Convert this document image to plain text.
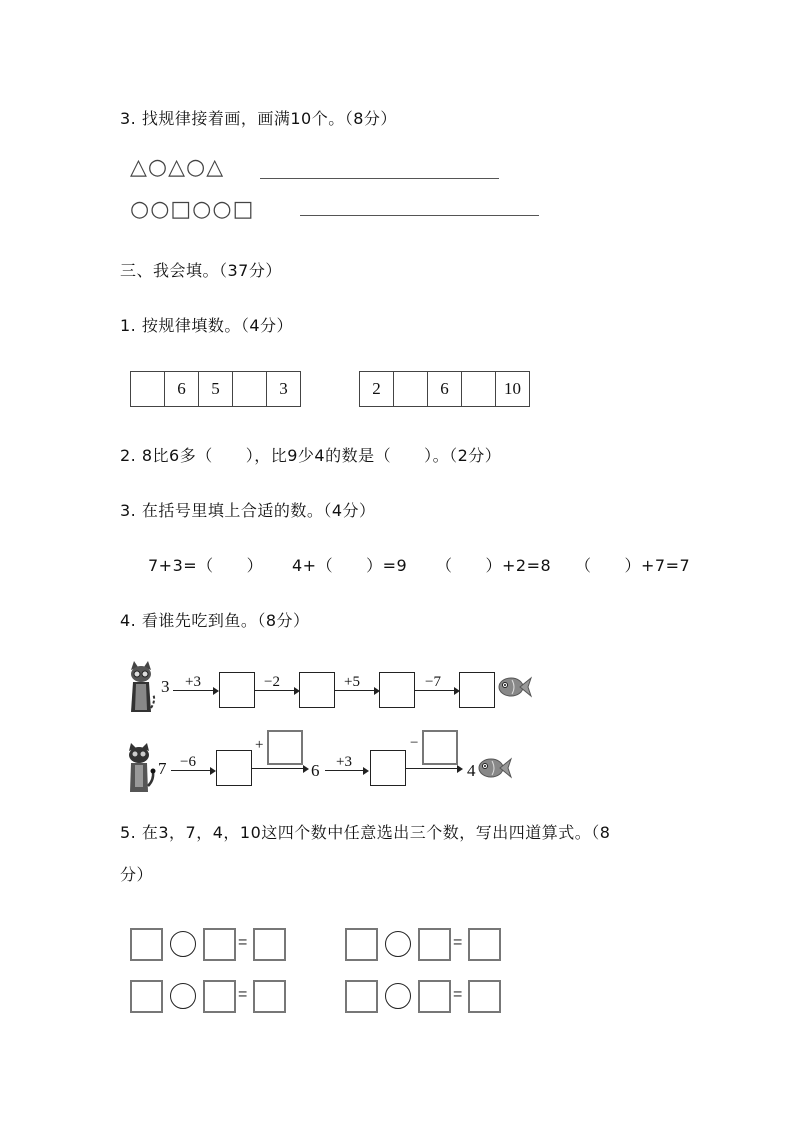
3. 找规律接着画，画满10个。（8分）
△○△○△
○○□○○□
三、我会填。（37分）
1. 按规律填数。（4分）
	6	5		3	2		6		10
2. 8比6多（　　），比9少4的数是（　　）。（2分）
3. 在括号里填上合适的数。（4分）
7+3=（　　） 4+（　　）=9 （　　）+2=8 （　　）+7=7
4. 看谁先吃到鱼。（8分）
3 +3	−2	+5	−7
7 −6
+
6 +3
−
4
5. 在3，7，4，10这四个数中任意选出三个数，写出四道算式。（8
分）
=	=
=	=
